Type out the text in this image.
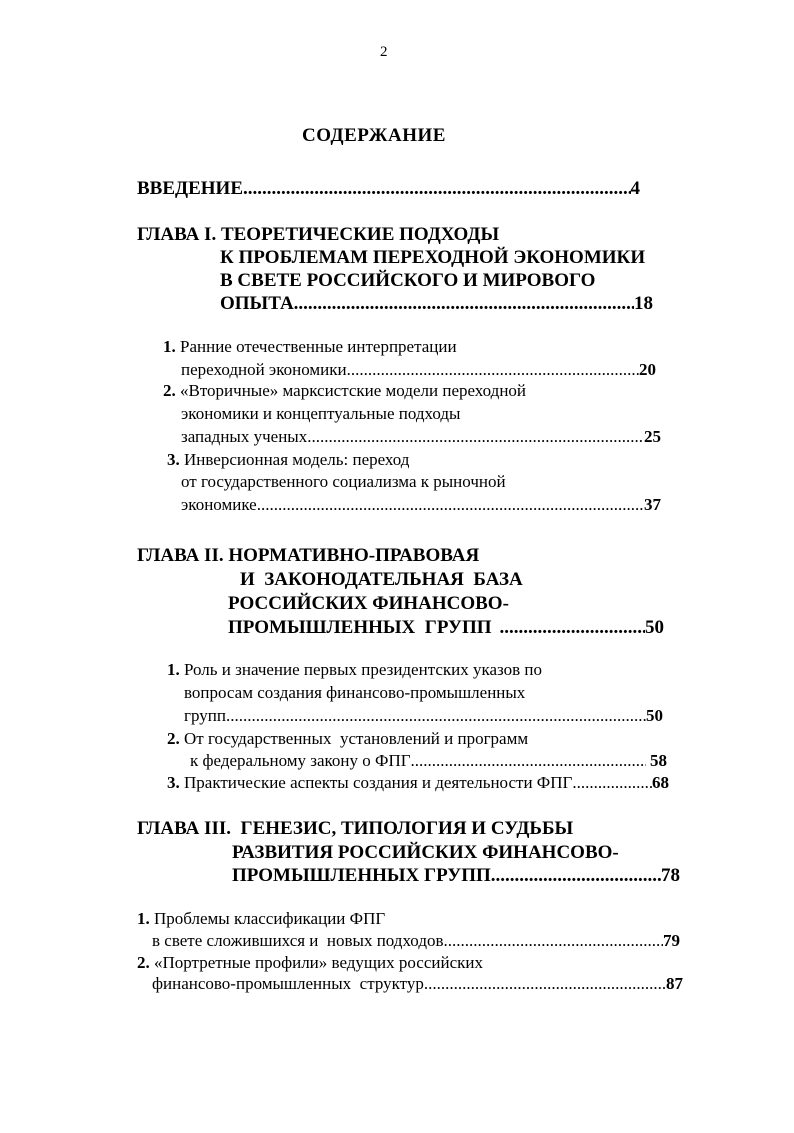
2
СОДЕРЖАНИЕ
ВВЕДЕНИЕ .....	4
ГЛАВА I. ТЕОРЕТИЧЕСКИЕ ПОДХОДЫ
К ПРОБЛЕМАМ ПЕРЕХОДНОЙ ЭКОНОМИКИ
В СВЕТЕ РОССИЙСКОГО И МИРОВОГО
ОПЫТА .....	18
1. Ранние отечественные интерпретации
переходной экономики .....	20
2. «Вторичные» марксистские модели переходной
экономики и концептуальные подходы
западных ученых .....	25
3. Инверсионная модель: переход
от государственного социализма к рыночной
экономике .....	37
ГЛАВА II. НОРМАТИВНО-ПРАВОВАЯ
И  ЗАКОНОДАТЕЛЬНАЯ  БАЗА
РОССИЙСКИХ ФИНАНСОВО-
ПРОМЫШЛЕННЫХ  ГРУПП .....	50
1. Роль и значение первых президентских указов по
вопросам создания финансово-промышленных
групп .....	50
2. От государственных  установлений и программ
к федеральному закону о ФПГ .....	58
3. Практические аспекты создания и деятельности ФПГ .....	68
ГЛАВА III.  ГЕНЕЗИС, ТИПОЛОГИЯ И СУДЬБЫ
РАЗВИТИЯ РОССИЙСКИХ ФИНАНСОВО-
ПРОМЫШЛЕННЫХ ГРУПП .....	78
1. Проблемы классификации ФПГ
в свете сложившихся и  новых подходов .....	79
2. «Портретные профили» ведущих российских
финансово-промышленных  структур .....	87
